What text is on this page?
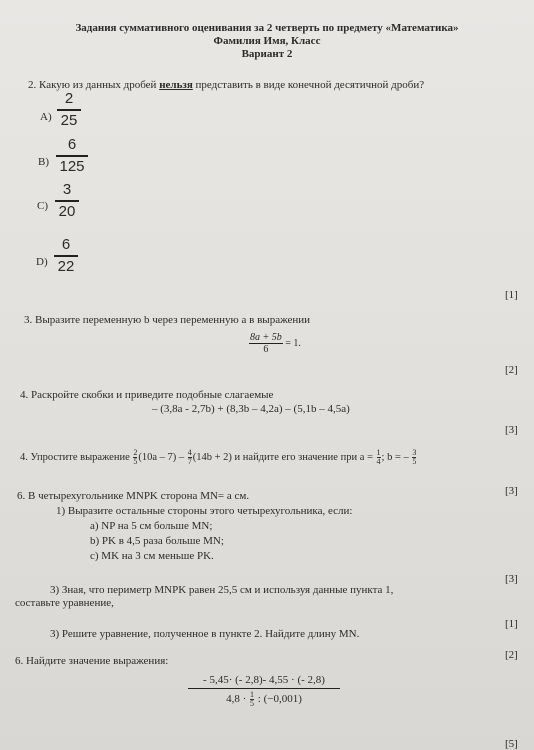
Задания суммативного оценивания за 2 четверть по предмету «Математика»
Фамилия Имя, Класс
Вариант 2
2. Какую из данных дробей нельзя представить в виде конечной десятичной дроби?
А)
2
25
В)
6
125
С)
3
20
D)
6
22
[1]
3. Выразите переменную b через переменную a в выражении
$\frac{8a + 5b}{6} = 1$.
[2]
4. Раскройте скобки и приведите подобные слагаемые
– (3,8a - 2,7b) + (8,3b – 4,2a) – (5,1b – 4,5a)
[3]
4. Упростите выражение $\frac{2}{5}(10a - 7) - \frac{4}{7}(14b + 2)$ и найдите его значение при $a = \frac{1}{4}$; b = – $\frac{3}{5}$
[3]
6. В четырехугольнике MNPK сторона MN= a см.
1) Выразите остальные стороны этого четырехугольника, если:
a) NP на 5 см больше MN;
b) PK в 4,5 раза больше MN;
c) MK на 3 см меньше PK.
3) Зная, что периметр MNPK равен 25,5 см и используя данные пункта 1,
составьте уравнение,
[3]
3) Решите уравнение, полученное в пункте 2. Найдите длину MN.
[1]
6. Найдите значение выражения:	[2]
- 5,45· (- 2,8)- 4,55 · (- 2,8)
$4,8 \cdot \frac{1}{5}$ : (−0,001)
[5]
